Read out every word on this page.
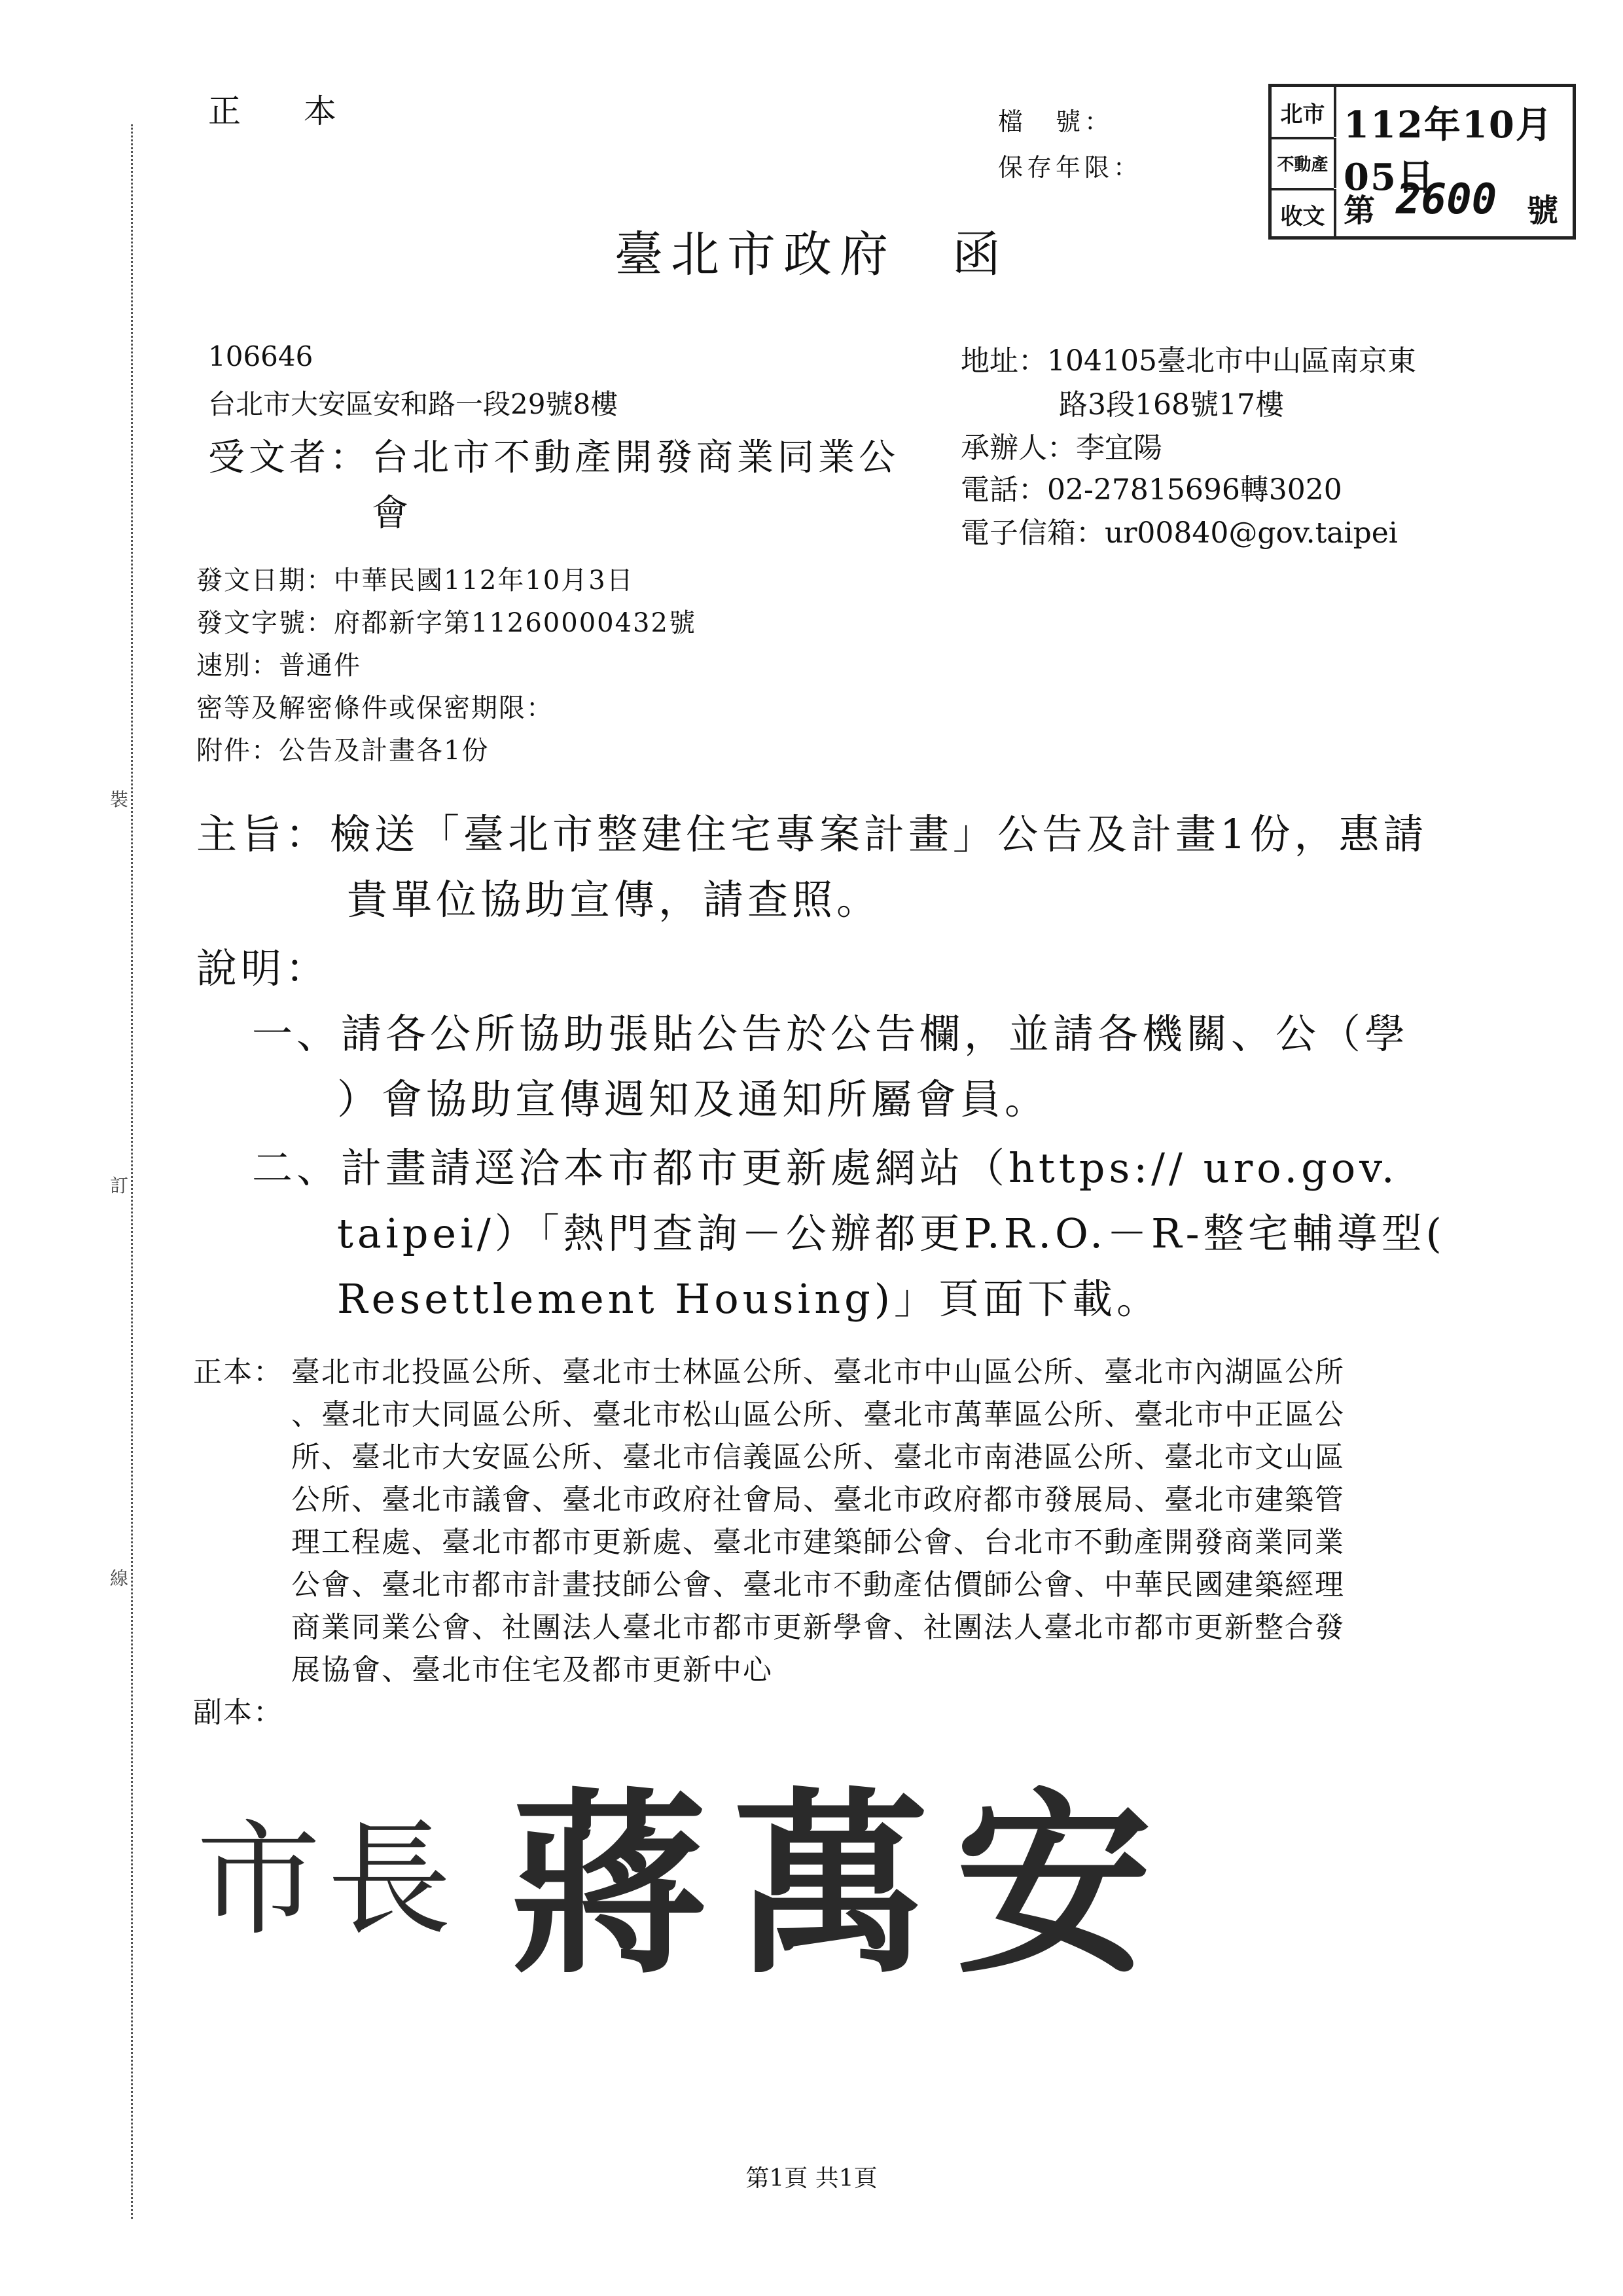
裝
訂
線
正 本	檔　號：
保存年限：
北市
不動產
收文
112年10月05日
第 2600 號
臺北市政府　函
106646
台北市大安區安和路一段29號8樓
受文者： 台北市不動產開發商業同業公
會
地址：104105臺北市中山區南京東
路3段168號17樓
承辦人：李宜陽
電話：02-27815696轉3020
電子信箱：ur00840@gov.taipei
發文日期：中華民國112年10月3日
發文字號：府都新字第11260000432號
速別：普通件
密等及解密條件或保密期限：
附件：公告及計畫各1份
主旨：檢送「臺北市整建住宅專案計畫」公告及計畫1份，惠請
貴單位協助宣傳，請查照。
說明：
一、請各公所協助張貼公告於公告欄，並請各機關、公（學
）會協助宣傳週知及通知所屬會員。
二、計畫請逕洽本市都市更新處網站（https:// uro.gov.
taipei/）「熱門查詢－公辦都更P.R.O.－R-整宅輔導型(
Resettlement Housing)」頁面下載。
正本： 臺北市北投區公所、臺北市士林區公所、臺北市中山區公所、臺北市內湖區公所
、臺北市大同區公所、臺北市松山區公所、臺北市萬華區公所、臺北市中正區公
所、臺北市大安區公所、臺北市信義區公所、臺北市南港區公所、臺北市文山區
公所、臺北市議會、臺北市政府社會局、臺北市政府都市發展局、臺北市建築管
理工程處、臺北市都市更新處、臺北市建築師公會、台北市不動產開發商業同業
公會、臺北市都市計畫技師公會、臺北市不動產估價師公會、中華民國建築經理
商業同業公會、社團法人臺北市都市更新學會、社團法人臺北市都市更新整合發
展協會、臺北市住宅及都市更新中心
副本：
市長 蔣萬安
第1頁 共1頁
